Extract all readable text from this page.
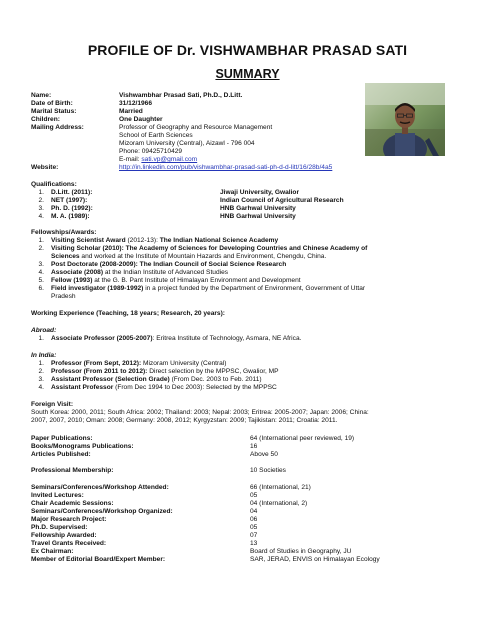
PROFILE OF Dr. VISHWAMBHAR PRASAD SATI
SUMMARY
Name:	Vishwambhar Prasad Sati, Ph.D., D.Litt.
Date of Birth:	31/12/1966
Marital Status:	Married
Children:	One Daughter
Mailing Address:	Professor of Geography and Resource Management
School of Earth Sciences
Mizoram University (Central), Aizawl - 796 004
Phone: 09425710429
E-mail: sati.vp@gmail.com
Website:	http://in.linkedin.com/pub/vishwambhar-prasad-sati-ph-d-d-litt/16/28b/4a5
Qualifications:
1. D.Litt. (2011):	Jiwaji University, Gwalior
2. NET (1997):	Indian Council of Agricultural Research
3. Ph. D. (1992):	HNB Garhwal University
4. M. A. (1989):	HNB Garhwal University
Fellowships/Awards:
1. Visiting Scientist Award (2012-13): The Indian National Science Academy
2. Visiting Scholar (2010): The Academy of Sciences for Developing Countries and Chinese Academy of
Sciences and worked at the Institute of Mountain Hazards and Environment, Chengdu, China.
3. Post Doctorate (2008-2009): The Indian Council of Social Science Research
4. Associate (2008) at the Indian Institute of Advanced Studies
5. Fellow (1993) at the G. B. Pant Institute of Himalayan Environment and Development
6. Field investigator (1989-1992) in a project funded by the Department of Environment, Government of Uttar
Pradesh
Working Experience (Teaching, 18 years; Research, 20 years):
Abroad:
1. Associate Professor (2005-2007): Eritrea Institute of Technology, Asmara, NE Africa.
In India:
1. Professor (From Sept, 2012): Mizoram University (Central)
2. Professor (From 2011 to 2012): Direct selection by the MPPSC, Gwalior, MP
3. Assistant Professor (Selection Grade) (From Dec. 2003 to Feb. 2011)
4. Assistant Professor (From Dec 1994 to Dec 2003): Selected by the MPPSC
Foreign Visit:
South Korea: 2000, 2011; South Africa: 2002; Thailand: 2003; Nepal: 2003; Eritrea: 2005-2007; Japan: 2006; China:
2007, 2007, 2010; Oman: 2008; Germany: 2008, 2012; Kyrgyzstan: 2009; Tajikistan: 2011; Croatia: 2011.
Paper Publications:	64 (International peer reviewed, 19)
Books/Monograms Publications:	16
Articles Published:	Above 50
Professional Membership:	10 Societies
Seminars/Conferences/Workshop Attended:	66 (International, 21)
Invited Lectures:	05
Chair Academic Sessions:	04 (International, 2)
Seminars/Conferences/Workshop Organized:	04
Major Research Project:	06
Ph.D. Supervised:	05
Fellowship Awarded:	07
Travel Grants Received:	13
Ex Chairman:	Board of Studies in Geography, JU
Member of Editorial Board/Expert Member:	SAR, JERAD, ENVIS on Himalayan Ecology
